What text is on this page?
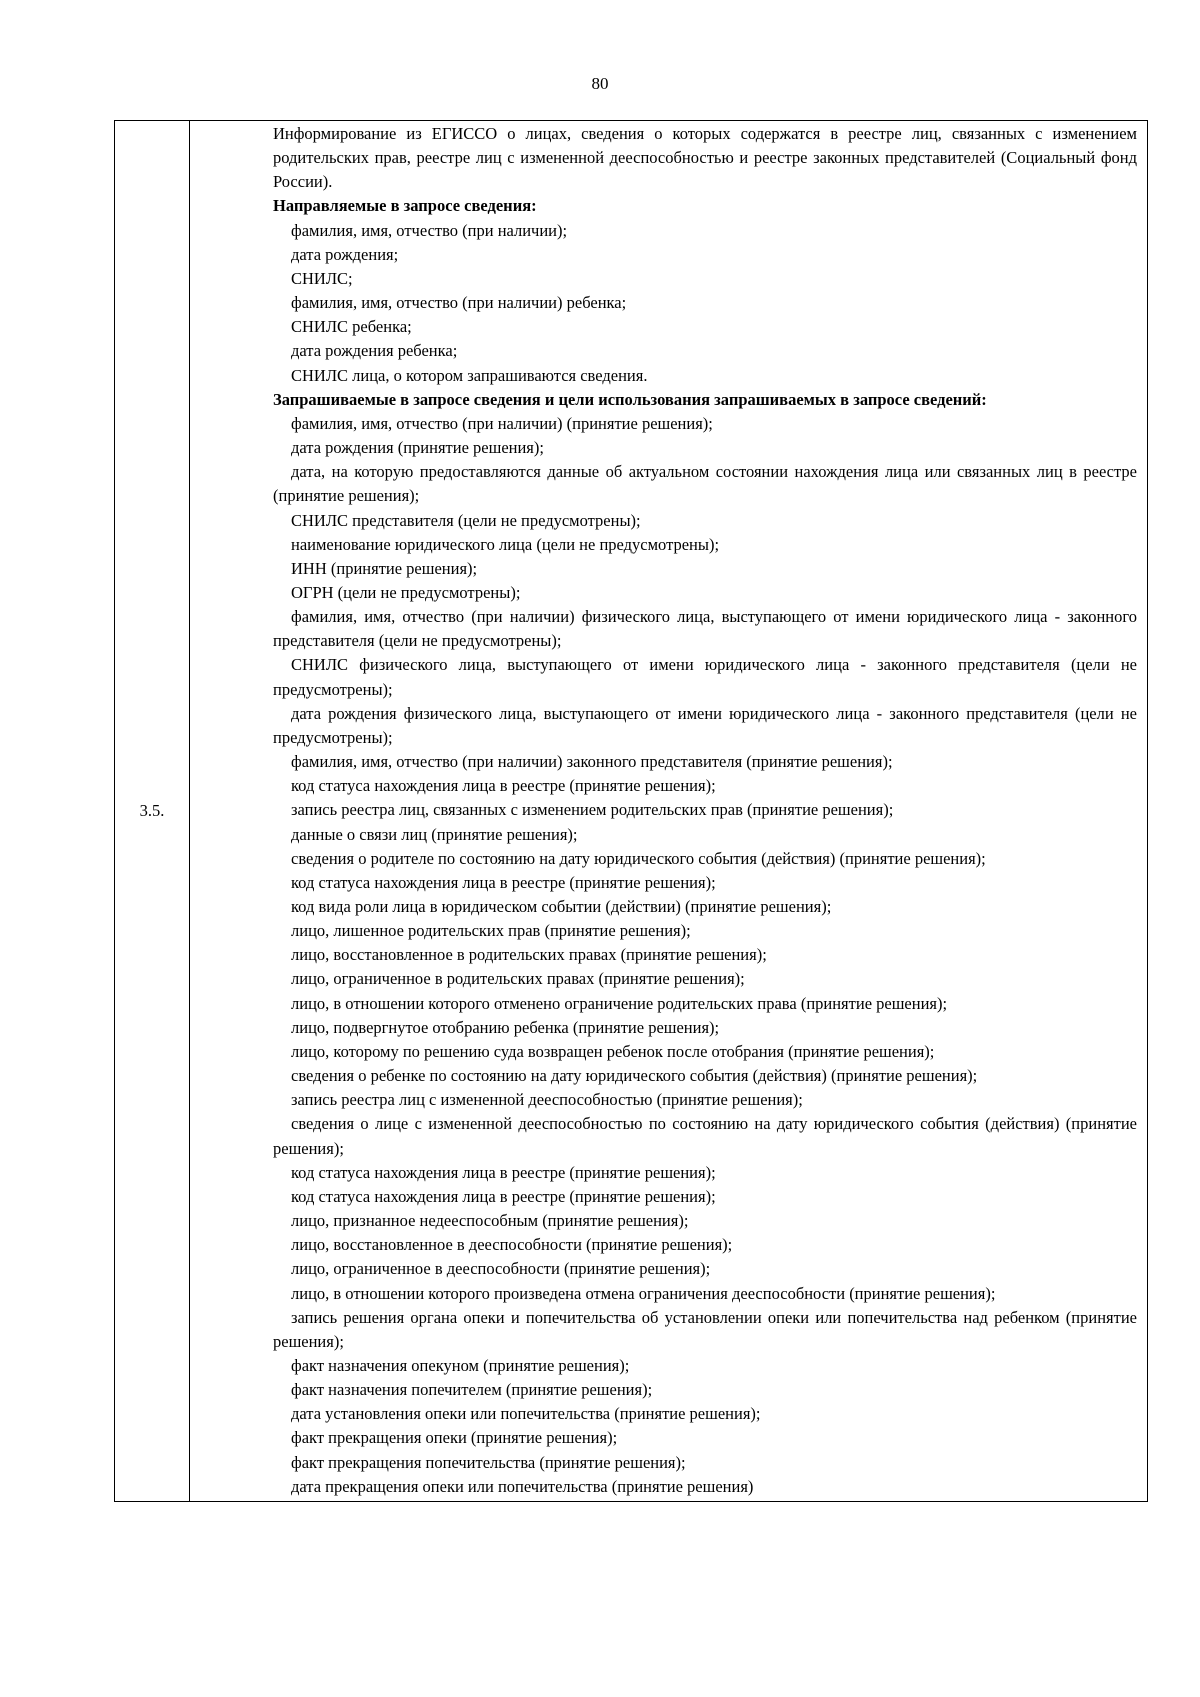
80
3.5.	

Информирование из ЕГИССО о лицах, сведения о которых содержатся в реестре лиц, связанных с изменением родительских прав, реестре лиц с измененной дееспособностью и реестре законных представителей (Социальный фонд России).

Направляемые в запросе сведения:

фамилия, имя, отчество (при наличии);

дата рождения;

СНИЛС;

фамилия, имя, отчество (при наличии) ребенка;

СНИЛС ребенка;

дата рождения ребенка;

СНИЛС лица, о котором запрашиваются сведения.

Запрашиваемые в запросе сведения и цели использования запрашиваемых в запросе сведений:

фамилия, имя, отчество (при наличии) (принятие решения);

дата рождения (принятие решения);

дата, на которую предоставляются данные об актуальном состоянии нахождения лица или связанных лиц в реестре (принятие решения);

СНИЛС представителя (цели не предусмотрены);

наименование юридического лица (цели не предусмотрены);

ИНН (принятие решения);

ОГРН (цели не предусмотрены);

фамилия, имя, отчество (при наличии) физического лица, выступающего от имени юридического лица - законного представителя (цели не предусмотрены);

СНИЛС физического лица, выступающего от имени юридического лица - законного представителя (цели не предусмотрены);

дата рождения физического лица, выступающего от имени юридического лица - законного представителя (цели не предусмотрены);

фамилия, имя, отчество (при наличии) законного представителя (принятие решения);

код статуса нахождения лица в реестре (принятие решения);

запись реестра лиц, связанных с изменением родительских прав (принятие решения);

данные о связи лиц (принятие решения);

сведения о родителе по состоянию на дату юридического события (действия) (принятие решения);

код статуса нахождения лица в реестре (принятие решения);

код вида роли лица в юридическом событии (действии) (принятие решения);

лицо, лишенное родительских прав (принятие решения);

лицо, восстановленное в родительских правах (принятие решения);

лицо, ограниченное в родительских правах (принятие решения);

лицо, в отношении которого отменено ограничение родительских права (принятие решения);

лицо, подвергнутое отобранию ребенка (принятие решения);

лицо, которому по решению суда возвращен ребенок после отобрания (принятие решения);

сведения о ребенке по состоянию на дату юридического события (действия) (принятие решения);

запись реестра лиц с измененной дееспособностью (принятие решения);

сведения о лице с измененной дееспособностью по состоянию на дату юридического события (действия) (принятие решения);

код статуса нахождения лица в реестре (принятие решения);

код статуса нахождения лица в реестре (принятие решения);

лицо, признанное недееспособным (принятие решения);

лицо, восстановленное в дееспособности (принятие решения);

лицо, ограниченное в дееспособности (принятие решения);

лицо, в отношении которого произведена отмена ограничения дееспособности (принятие решения);

запись решения органа опеки и попечительства об установлении опеки или попечительства над ребенком (принятие решения);

факт назначения опекуном (принятие решения);

факт назначения попечителем (принятие решения);

дата установления опеки или попечительства (принятие решения);

факт прекращения опеки (принятие решения);

факт прекращения попечительства (принятие решения);

дата прекращения опеки или попечительства (принятие решения)
